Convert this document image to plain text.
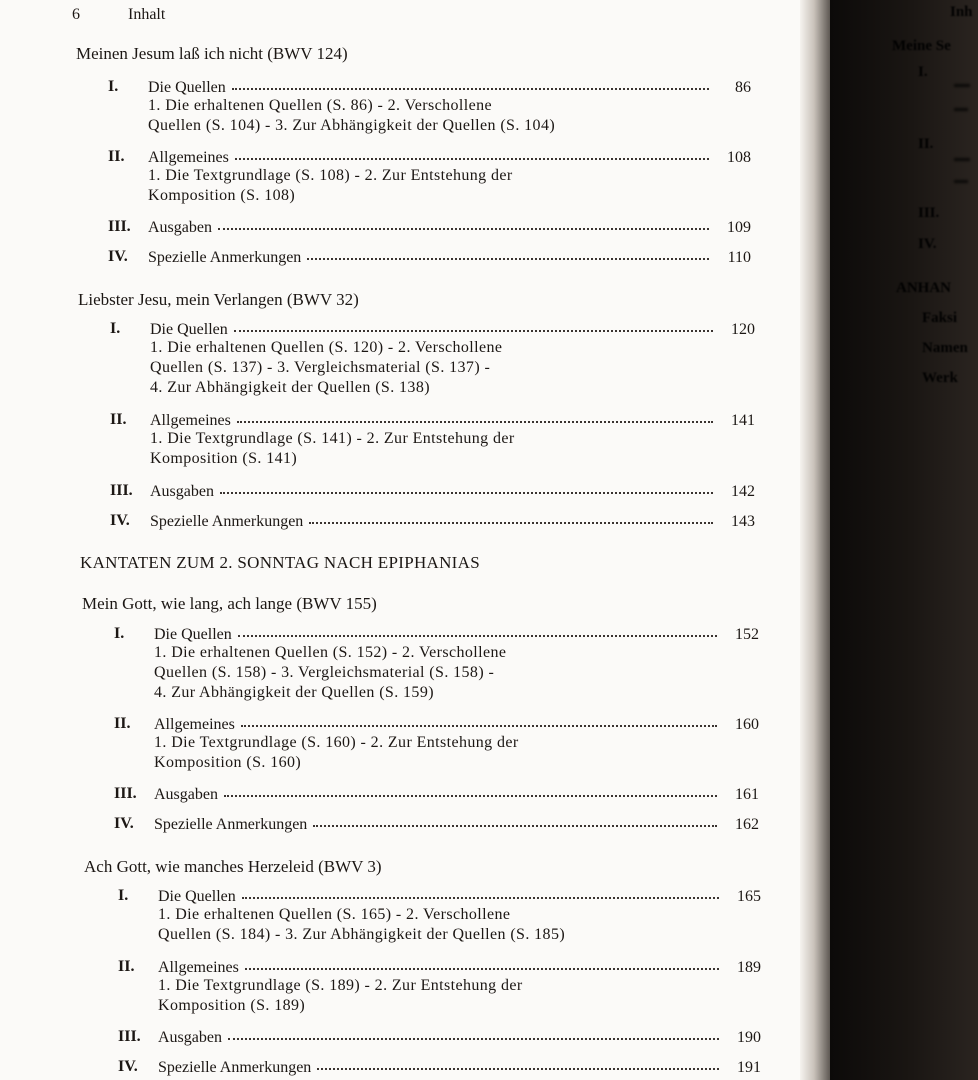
6	Inhalt
Meinen Jesum laß ich nicht (BWV 124)
I.	Die Quellen	86
1. Die erhaltenen Quellen (S. 86) - 2. Verschollene
Quellen (S. 104) - 3. Zur Abhängigkeit der Quellen (S. 104)
II.	Allgemeines	108
1. Die Textgrundlage (S. 108) - 2. Zur Entstehung der
Komposition (S. 108)
III.	Ausgaben	109
IV.	Spezielle Anmerkungen	110
Liebster Jesu, mein Verlangen (BWV 32)
I.	Die Quellen	120
1. Die erhaltenen Quellen (S. 120) - 2. Verschollene
Quellen (S. 137) - 3. Vergleichsmaterial (S. 137) -
4. Zur Abhängigkeit der Quellen (S. 138)
II.	Allgemeines	141
1. Die Textgrundlage (S. 141) - 2. Zur Entstehung der
Komposition (S. 141)
III.	Ausgaben	142
IV.	Spezielle Anmerkungen	143
KANTATEN ZUM 2. SONNTAG NACH EPIPHANIAS
Mein Gott, wie lang, ach lange (BWV 155)
I.	Die Quellen	152
1. Die erhaltenen Quellen (S. 152) - 2. Verschollene
Quellen (S. 158) - 3. Vergleichsmaterial (S. 158) -
4. Zur Abhängigkeit der Quellen (S. 159)
II.	Allgemeines	160
1. Die Textgrundlage (S. 160) - 2. Zur Entstehung der
Komposition (S. 160)
III.	Ausgaben	161
IV.	Spezielle Anmerkungen	162
Ach Gott, wie manches Herzeleid (BWV 3)
I.	Die Quellen	165
1. Die erhaltenen Quellen (S. 165) - 2. Verschollene
Quellen (S. 184) - 3. Zur Abhängigkeit der Quellen (S. 185)
II.	Allgemeines	189
1. Die Textgrundlage (S. 189) - 2. Zur Entstehung der
Komposition (S. 189)
III.	Ausgaben	190
IV.	Spezielle Anmerkungen	191
Inh
Meine Se
I.
II.
III.
IV.
ANHAN
Faksi
Namen
Werk
